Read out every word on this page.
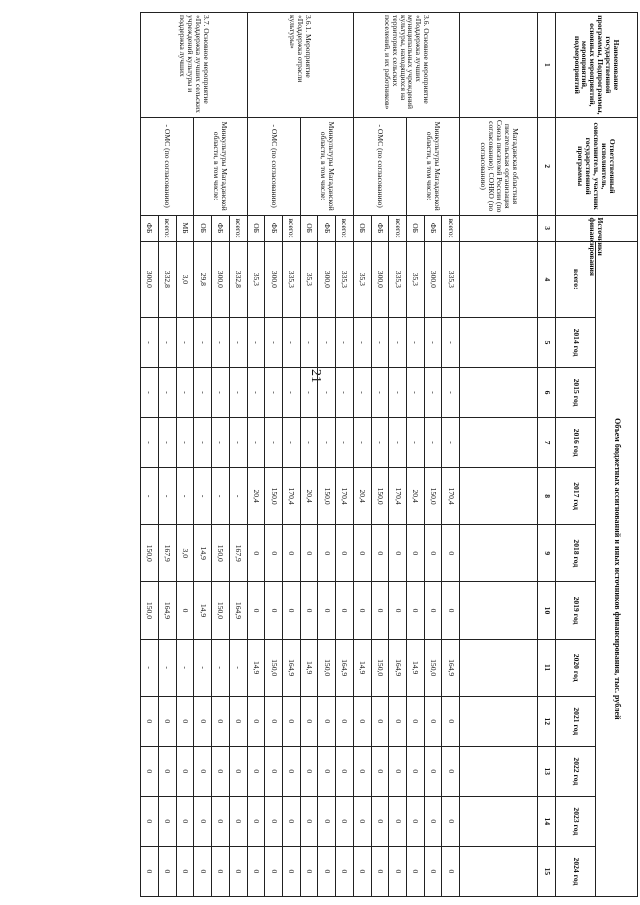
21
Наименование государственной программы, Подпрограммы, основных мероприятий, мероприятий, подмероприятий	Ответственный исполнитель, соисполнитель, участник государственной программы	Источники финансирования	Объем бюджетных ассигнований и иных источников финансирования, тыс. рублей											
			всего:	2014 год	2015 год	2016 год	2017 год	2018 год	2019 год	2020 год	2021 год	2022 год	2023 год	2024 год
1	2	3	4	5	6	7	8	9	10	11	12	13	14	15
	Магаданская областная писательская организация Союза писателей России (по согласованию); СОНКО (по согласованию)													
3.6. Основное мероприятие «Поддержка лучших муниципальных учреждений культуры, находящихся на территориях сельских поселений, и их работников»	Минкультуры Магаданской области, в том числе:	всего:	335,3	-	-	-	170,4	0	0	164,9	0	0	0	0
		ФБ	300,0	-	-	-	150,0	0	0	150,0	0	0	0	0
		ОБ	35,3	-	-	-	20,4	0	0	14,9	0	0	0	0
	- ОМС (по согласованию)	всего:	335,3	-	-	-	170,4	0	0	164,9	0	0	0	0
		ФБ	300,0	-	-	-	150,0	0	0	150,0	0	0	0	0
		ОБ	35,3	-	-	-	20,4	0	0	14,9	0	0	0	0
3.6.1. Мероприятие «Поддержка отрасли культуры»	Минкультуры Магаданской области, в том числе:	всего:	335,3	-	-	-	170,4	0	0	164,9	0	0	0	0
		ФБ	300,0	-	-	-	150,0	0	0	150,0	0	0	0	0
		ОБ	35,3	-	-	-	20,4	0	0	14,9	0	0	0	0
	- ОМС (по согласованию)	всего:	335,3	-	-	-	170,4	0	0	164,9	0	0	0	0
		ФБ	300,0	-	-	-	150,0	0	0	150,0	0	0	0	0
		ОБ	35,3	-	-	-	20,4	0	0	14,9	0	0	0	0
3.7. Основное мероприятие «Поддержка лучших сельских учреждений культуры и поддержка лучших	Минкультуры Магаданской области, в том числе:	всего:	332,8	-	-	-	-	167,9	164,9	-	0	0	0	0
		ФБ	300,0	-	-	-	-	150,0	150,0	-	0	0	0	0
		ОБ	29,8	-	-	-	-	14,9	14,9	-	0	0	0	0
	- ОМС (по согласованию)	МБ	3,0	-	-	-	-	3,0	0	-	0	0	0	0
		всего:	332,8	-	-	-	-	167,9	164,9	-	0	0	0	0
		ФБ	300,0	-	-	-	-	150,0	150,0	-	0	0	0	0
